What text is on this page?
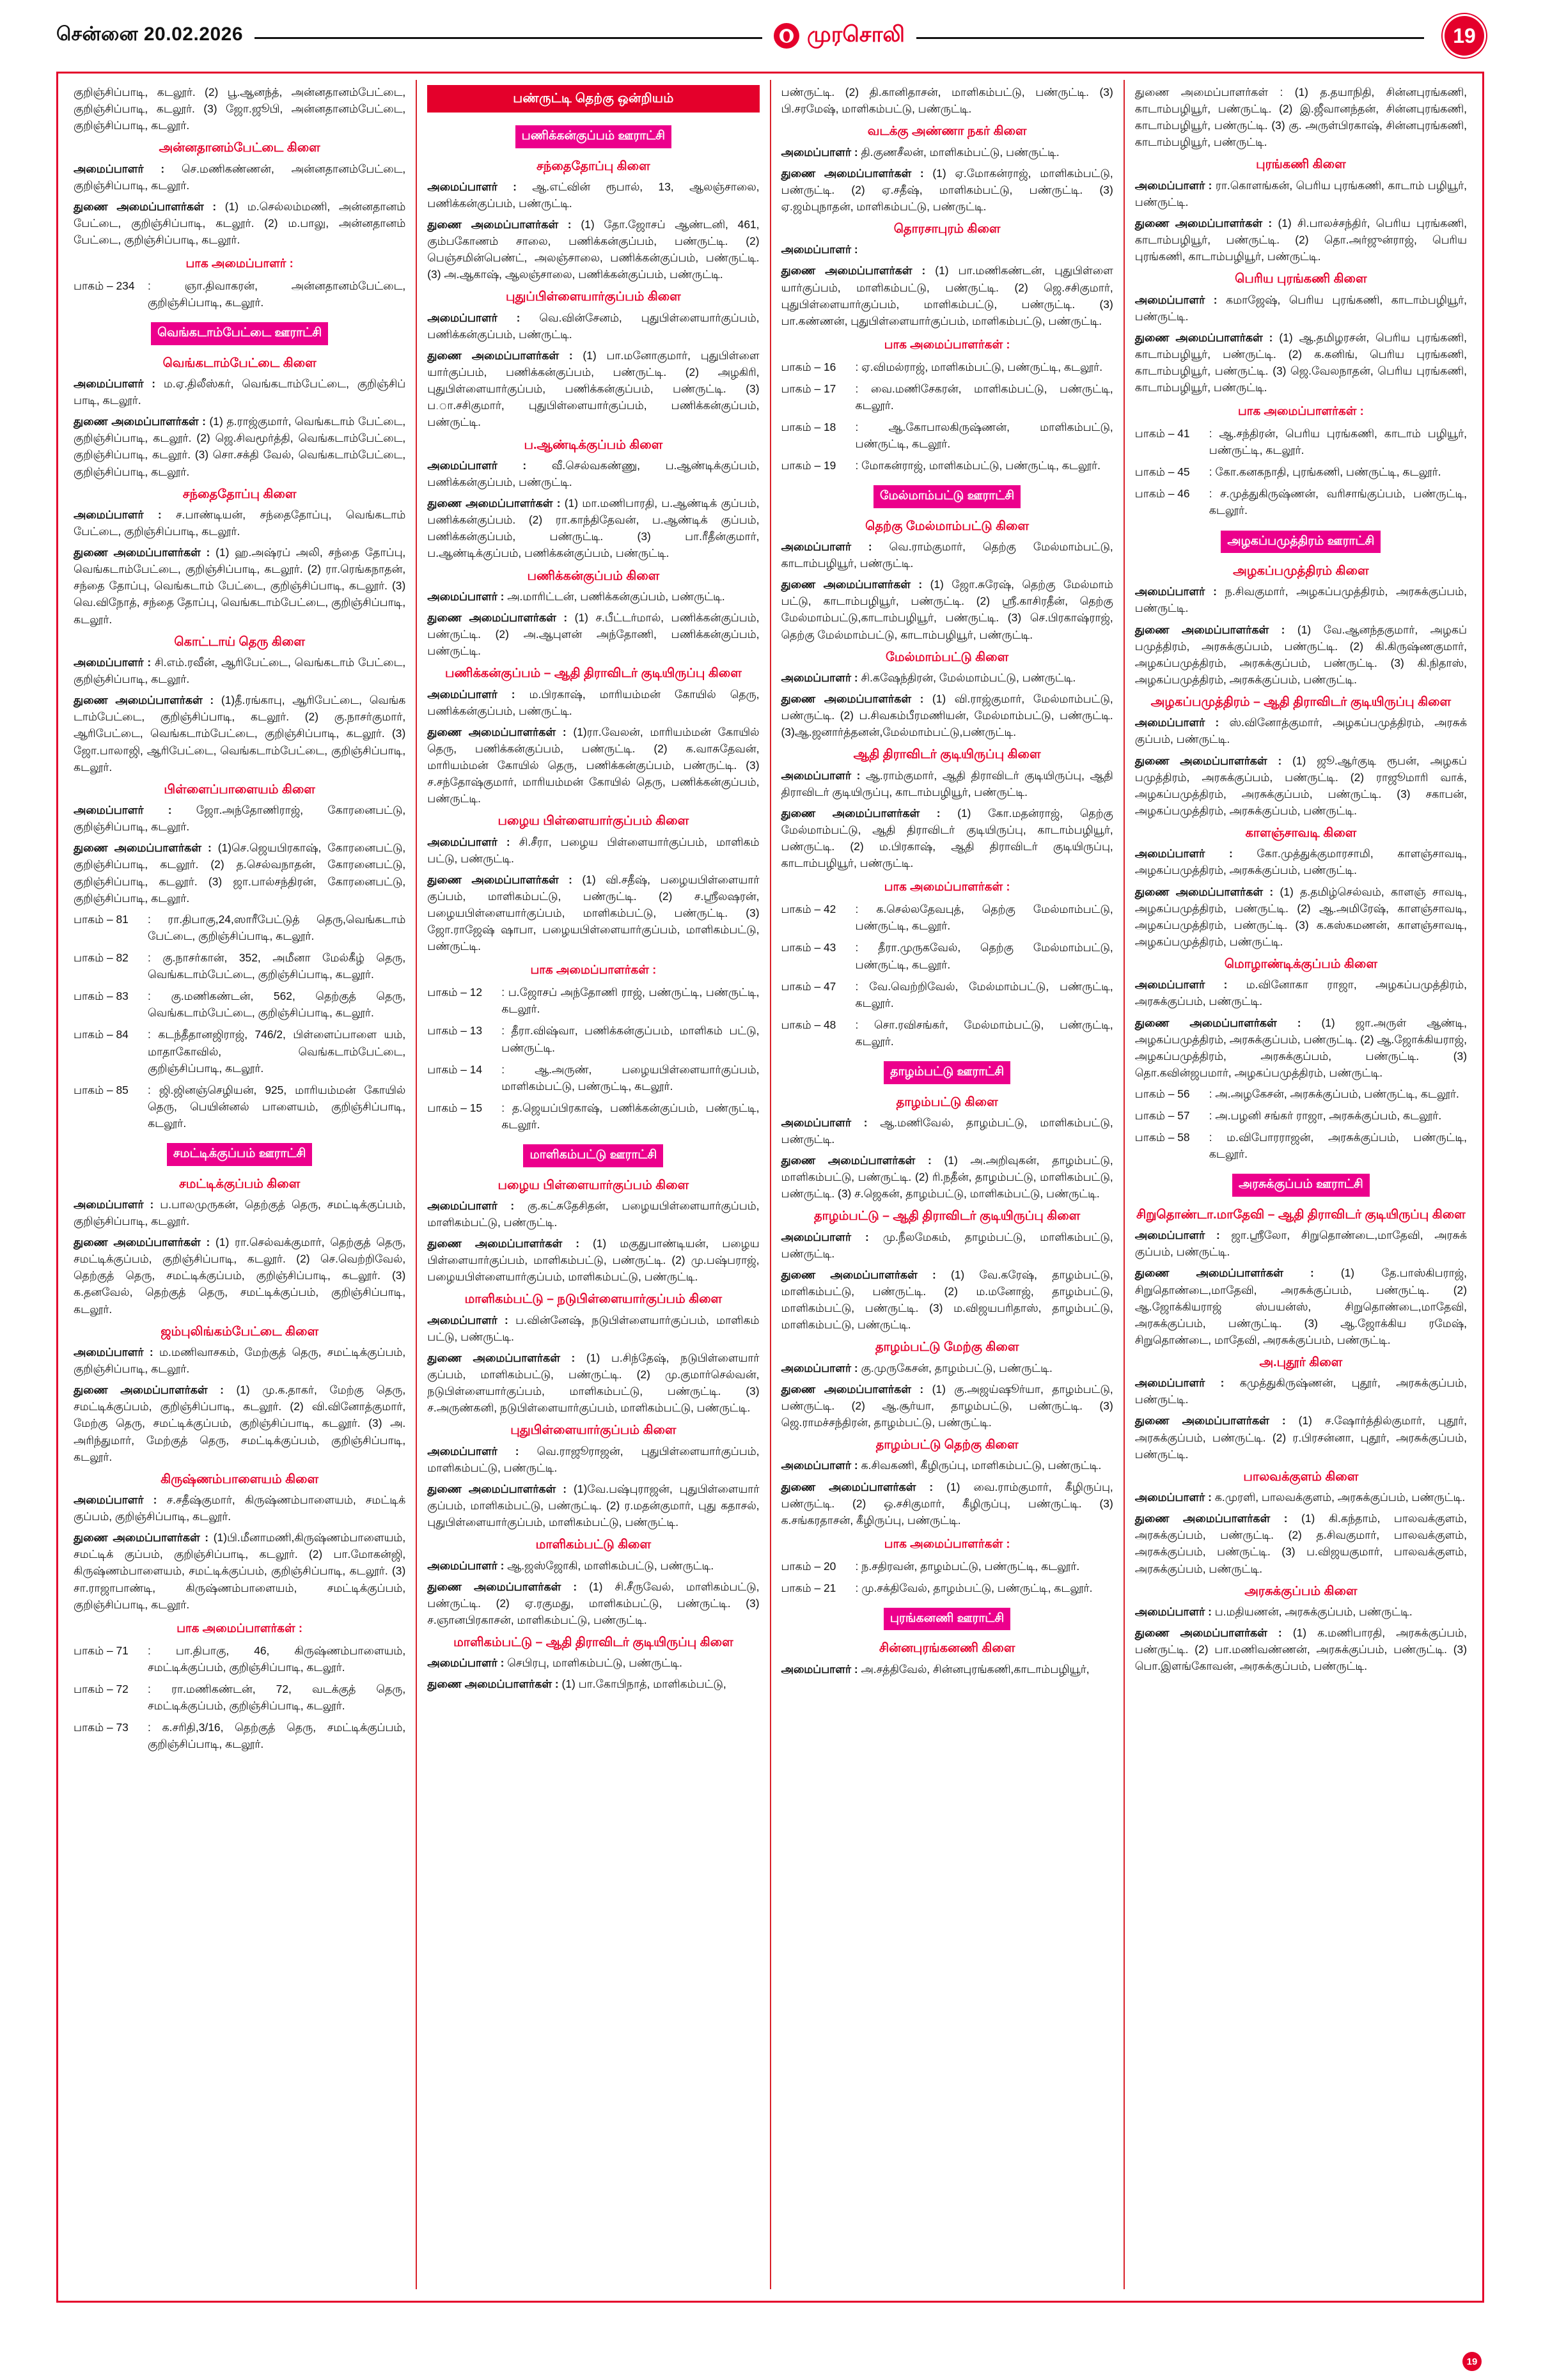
சென்னை 20.02.2026	முரசொலி	19

குறிஞ்சிப்பாடி, கடலூர். (2) பூ.ஆனந்த், அன்னதானம்பேட்டை, குறிஞ்சிப்பாடி, கடலூர். (3) ஜோ.ஜூபி, அன்னதானம்பேட்டை, குறிஞ்சிப்பாடி, கடலூர்.

அன்னதானம்பேட்டை கிளை

அமைப்பாளர் : செ.மணிகண்ணன், அன்னதானம்பேட்டை, குறிஞ்சிப்பாடி, கடலூர்.

துணை அமைப்பாளர்கள் : (1) ம.செல்லம்மணி, அன்னதானம் பேட்டை, குறிஞ்சிப்பாடி, கடலூர். (2) ம.பாலு, அன்னதானம் பேட்டை, குறிஞ்சிப்பாடி, கடலூர்.

பாக அமைப்பாளர் :
பாகம் – 234	: ஞா.திவாகரன், அன்னதானம்பேட்டை, குறிஞ்சிப்பாடி, கடலூர்.
வெங்கடாம்பேட்டை ஊராட்சி
வெங்கடாம்பேட்டை கிளை

அமைப்பாளர் : ம.ஏ.திலீஸ்கர், வெங்கடாம்பேட்டை, குறிஞ்சிப் பாடி, கடலூர்.

துணை அமைப்பாளர்கள் : (1) த.ராஜ்குமார், வெங்கடாம் பேட்டை, குறிஞ்சிப்பாடி, கடலூர். (2) ஜெ.சிவமூர்த்தி, வெங்கடாம்பேட்டை, குறிஞ்சிப்பாடி, கடலூர். (3) சொ.சக்தி வேல், வெங்கடாம்பேட்டை, குறிஞ்சிப்பாடி, கடலூர்.

சந்தைதோப்பு கிளை

அமைப்பாளர் : ச.பாண்டியன், சந்தைதோப்பு, வெங்கடாம் பேட்டை, குறிஞ்சிப்பாடி, கடலூர்.

துணை அமைப்பாளர்கள் : (1) ஹ.அஷ்ரப் அலி, சந்தை தோப்பு, வெங்கடாம்பேட்டை, குறிஞ்சிப்பாடி, கடலூர். (2) ரா.ரெங்கநாதன், சந்தை தோப்பு, வெங்கடாம் பேட்டை, குறிஞ்சிப்பாடி, கடலூர். (3) வெ.விநோத், சந்தை தோப்பு, வெங்கடாம்பேட்டை, குறிஞ்சிப்பாடி, கடலூர்.

கொட்டாய் தெரு கிளை

அமைப்பாளர் : சி.எம்.ரவீன், ஆரிபேட்டை, வெங்கடாம் பேட்டை, குறிஞ்சிப்பாடி, கடலூர்.

துணை அமைப்பாளர்கள் : (1)தீ.ரங்காபு, ஆரிபேட்டை, வெங்க டாம்பேட்டை, குறிஞ்சிப்பாடி, கடலூர். (2) கு.நாசர்குமார், ஆரிபேட்டை, வெங்கடாம்பேட்டை, குறிஞ்சிப்பாடி, கடலூர். (3) ஜோ.பாலாஜி, ஆரிபேட்டை, வெங்கடாம்பேட்டை, குறிஞ்சிப்பாடி, கடலூர்.

பிள்ளைப்பாளையம் கிளை

அமைப்பாளர் : ஜோ.அந்தோணிராஜ், கோரனைபட்டு, குறிஞ்சிப்பாடி, கடலூர்.

துணை அமைப்பாளர்கள் : (1)செ.ஜெயபிரகாஷ், கோரனைபட்டு, குறிஞ்சிப்பாடி, கடலூர். (2) த.செல்வநாதன், கோரனைபட்டு, குறிஞ்சிப்பாடி, கடலூர். (3) ஜா.பால்சந்திரன், கோரனைபட்டு, குறிஞ்சிப்பாடி, கடலூர்.

பாகம் – 81	: ரா.திபாகு,24,ஸாரீபேட்டுத் தெரு,வெங்கடாம் பேட்டை, குறிஞ்சிப்பாடி, கடலூர்.
பாகம் – 82	: கு.நாசர்கான், 352, அமீனா மேல்கீழ் தெரு, வெங்கடாம்பேட்டை, குறிஞ்சிப்பாடி, கடலூர்.
பாகம் – 83	: கு.மணிகண்டன், 562, தெற்குத் தெரு, வெங்கடாம்பேட்டை, குறிஞ்சிப்பாடி, கடலூர்.
பாகம் – 84	: கடந்தீதானஜிராஜ், 746/2, பிள்ளைப்பாளை யம், மாதாகோவில், வெங்கடாம்பேட்டை, குறிஞ்சிப்பாடி, கடலூர்.
பாகம் – 85	: ஜி.ஜினஞ்செழியன், 925, மாரியம்மன் கோயில் தெரு, பெயின்னல் பாளையம், குறிஞ்சிப்பாடி, கடலூர்.
சமட்டிக்குப்பம் ஊராட்சி
சமட்டிக்குப்பம் கிளை

அமைப்பாளர் : ப.பாலமுருகன், தெற்குத் தெரு, சமட்டிக்குப்பம், குறிஞ்சிப்பாடி, கடலூர்.

துணை அமைப்பாளர்கள் : (1) ரா.செல்வக்குமார், தெற்குத் தெரு, சமட்டிக்குப்பம், குறிஞ்சிப்பாடி, கடலூர். (2) செ.வெற்றிவேல், தெற்குத் தெரு, சமட்டிக்குப்பம், குறிஞ்சிப்பாடி, கடலூர். (3) க.தனவேல், தெற்குத் தெரு, சமட்டிக்குப்பம், குறிஞ்சிப்பாடி, கடலூர்.

ஜம்புலிங்கம்பேட்டை கிளை

அமைப்பாளர் : ம.மணிவாசகம், மேற்குத் தெரு, சமட்டிக்குப்பம், குறிஞ்சிப்பாடி, கடலூர்.

துணை அமைப்பாளர்கள் : (1) மு.க.தாகர், மேற்கு தெரு, சமட்டிக்குப்பம், குறிஞ்சிப்பாடி, கடலூர். (2) வி.வினோத்குமார், மேற்கு தெரு, சமட்டிக்குப்பம், குறிஞ்சிப்பாடி, கடலூர். (3) அ. அரிந்துமார், மேற்குத் தெரு, சமட்டிக்குப்பம், குறிஞ்சிப்பாடி, கடலூர்.

கிருஷ்ணம்பாளையம் கிளை

அமைப்பாளர் : ச.சதீஷ்குமார், கிருஷ்ணம்பாளையம், சமட்டிக் குப்பம், குறிஞ்சிப்பாடி, கடலூர்.

துணை அமைப்பாளர்கள் : (1)பி.மீனாமணி,கிருஷ்ணம்பாளையம், சமட்டிக் குப்பம், குறிஞ்சிப்பாடி, கடலூர். (2) பா.மோகன்ஜி, கிருஷ்ணம்பாளையம், சமட்டிக்குப்பம், குறிஞ்சிப்பாடி, கடலூர். (3) சா.ராஜாபாண்டி, கிருஷ்ணம்பாளையம், சமட்டிக்குப்பம், குறிஞ்சிப்பாடி, கடலூர்.

பாக அமைப்பாளர்கள் :
பாகம் – 71	: பா.திபாகு, 46, கிருஷ்ணம்பாளையம், சமட்டிக்குப்பம், குறிஞ்சிப்பாடி, கடலூர்.
பாகம் – 72	: ரா.மணிகண்டன், 72, வடக்குத் தெரு, சமட்டிக்குப்பம், குறிஞ்சிப்பாடி, கடலூர்.
பாகம் – 73	: க.சரிதி,3/16, தெற்குத் தெரு, சமட்டிக்குப்பம், குறிஞ்சிப்பாடி, கடலூர்.
பண்ருட்டி தெற்கு ஒன்றியம்
பணிக்கன்குப்பம் ஊராட்சி
சந்தைதோப்பு கிளை

அமைப்பாளர் : ஆ.எட்வின் ரூபால், 13, ஆலஞ்சாலை, பணிக்கன்குப்பம், பண்ருட்டி.

துணை அமைப்பாளர்கள் : (1) தோ.ஜோசப் ஆண்டனி, 461, கும்பகோணம் சாலை, பணிக்கன்குப்பம், பண்ருட்டி. (2) பெஞ்சமின்பெண்ட், அலஞ்சாலை, பணிக்கன்குப்பம், பண்ருட்டி. (3) அ.ஆகாஷ், ஆலஞ்சாலை, பணிக்கன்குப்பம், பண்ருட்டி.

புதுப்பிள்ளையார்குப்பம் கிளை

அமைப்பாளர் : வெ.வின்சேனம், புதுபிள்ளையார்குப்பம், பணிக்கன்குப்பம், பண்ருட்டி.

துணை அமைப்பாளர்கள் : (1) பா.மனோகுமார், புதுபிள்ளை யார்குப்பம், பணிக்கன்குப்பம், பண்ருட்டி. (2) அழகிரி, புதுபிள்ளையார்குப்பம், பணிக்கன்குப்பம், பண்ருட்டி. (3) ப.ா.சசிகுமார், புதுபிள்ளையார்குப்பம், பணிக்கன்குப்பம், பண்ருட்டி.

ப.ஆண்டிக்குப்பம் கிளை

அமைப்பாளர் : வீ.செல்வகண்ணு, ப.ஆண்டிக்குப்பம், பணிக்கன்குப்பம், பண்ருட்டி.

துணை அமைப்பாளர்கள் : (1) மா.மணிபாரதி, ப.ஆண்டிக் குப்பம், பணிக்கன்குப்பம். (2) ரா.காந்திதேவன், ப.ஆண்டிக் குப்பம், பணிக்கன்குப்பம், பண்ருட்டி. (3) பா.ரீதீன்குமார், ப.ஆண்டிக்குப்பம், பணிக்கன்குப்பம், பண்ருட்டி.

பணிக்கன்குப்பம் கிளை

அமைப்பாளர் : அ.மாரிட்டன், பணிக்கன்குப்பம், பண்ருட்டி.

துணை அமைப்பாளர்கள் : (1) ச.பீட்டர்மால், பணிக்கன்குப்பம், பண்ருட்டி. (2) அ.ஆபுளன் அந்தோணி, பணிக்கன்குப்பம், பண்ருட்டி.

பணிக்கன்குப்பம் – ஆதி திராவிடர் குடியிருப்பு கிளை

அமைப்பாளர் : ம.பிரகாஷ், மாரியம்மன் கோயில் தெரு, பணிக்கன்குப்பம், பண்ருட்டி.

துணை அமைப்பாளர்கள் : (1)ரா.வேலன், மாரியம்மன் கோயில் தெரு, பணிக்கன்குப்பம், பண்ருட்டி. (2) க.வாசுதேவன், மாரியம்மன் கோயில் தெரு, பணிக்கன்குப்பம், பண்ருட்டி. (3) ச.சந்தோஷ்குமார், மாரியம்மன் கோயில் தெரு, பணிக்கன்குப்பம், பண்ருட்டி.

பழைய பிள்ளையார்குப்பம் கிளை

அமைப்பாளர் : சி.சீரா, பழைய பிள்ளையார்குப்பம், மாளிகம் பட்டு, பண்ருட்டி.

துணை அமைப்பாளர்கள் : (1) வி.சதீஷ், பழையபிள்ளையார் குப்பம், மாளிகம்பட்டு, பண்ருட்டி. (2) ச.ஸ்ரீலஷரன், பழையபிள்ளையார்குப்பம், மாளிகம்பட்டு, பண்ருட்டி. (3) ஜோ.ராஜேஷ் ஷாபா, பழையபிள்ளையார்குப்பம், மாளிகம்பட்டு, பண்ருட்டி.

பாக அமைப்பாளர்கள் :
பாகம் – 12	: ப.ஜோசப் அந்தோணி ராஜ், பண்ருட்டி, பண்ருட்டி, கடலூர்.
பாகம் – 13	: தீரா.விஷ்வா, பணிக்கன்குப்பம், மாளிகம் பட்டு, பண்ருட்டி.
பாகம் – 14	: ஆ.அருண், பழையபிள்ளையார்குப்பம், மாளிகம்பட்டு, பண்ருட்டி, கடலூர்.
பாகம் – 15	: த.ஜெயப்பிரகாஷ், பணிக்கன்குப்பம், பண்ருட்டி, கடலூர்.
மாளிகம்பட்டு ஊராட்சி
பழைய பிள்ளையார்குப்பம் கிளை

அமைப்பாளர் : கு.கட்சுதேசிதன், பழையபிள்ளையார்குப்பம், மாளிகம்பட்டு, பண்ருட்டி.

துணை அமைப்பாளர்கள் : (1) மகுதுபாண்டியன், பழைய பிள்ளையார்குப்பம், மாளிகம்பட்டு, பண்ருட்டி. (2) மு.பஷ்பராஜ், பழையபிள்ளையார்குப்பம், மாளிகம்பட்டு, பண்ருட்டி.

மாளிகம்பட்டு – நடுபிள்ளையார்குப்பம் கிளை

அமைப்பாளர் : ப.வின்னேஷ், நடுபிள்ளையார்குப்பம், மாளிகம் பட்டு, பண்ருட்டி.

துணை அமைப்பாளர்கள் : (1) ப.சிந்தேஷ், நடுபிள்ளையார் குப்பம், மாளிகம்பட்டு, பண்ருட்டி. (2) மு.குமார்செல்வன், நடுபிள்ளையார்குப்பம், மாளிகம்பட்டு, பண்ருட்டி. (3) ச.அருண்கனி, நடுபிள்ளையார்குப்பம், மாளிகம்பட்டு, பண்ருட்டி.

புதுபிள்ளையார்குப்பம் கிளை

அமைப்பாளர் : வெ.ராஜூராஜன், புதுபிள்ளையார்குப்பம், மாளிகம்பட்டு, பண்ருட்டி.

துணை அமைப்பாளர்கள் : (1)வே.பஷ்புராஜன், புதுபிள்ளையார் குப்பம், மாளிகம்பட்டு, பண்ருட்டி. (2) ர.மதன்குமார், புது கதாசல், புதுபிள்ளையார்குப்பம், மாளிகம்பட்டு, பண்ருட்டி.

மாளிகம்பட்டு கிளை

அமைப்பாளர் : ஆ.ஜஸ்ஜோகி, மாளிகம்பட்டு, பண்ருட்டி.

துணை அமைப்பாளர்கள் : (1) சி.சீருவேல், மாளிகம்பட்டு, பண்ருட்டி. (2) ஏ.ரகுமது, மாளிகம்பட்டு, பண்ருட்டி. (3) ச.ஞானபிரகாசன், மாளிகம்பட்டு, பண்ருட்டி.

மாளிகம்பட்டு – ஆதி திராவிடர் குடியிருப்பு கிளை

அமைப்பாளர் : செபிரபு, மாளிகம்பட்டு, பண்ருட்டி.

துணை அமைப்பாளர்கள் : (1) பா.கோபிநாத், மாளிகம்பட்டு,

பண்ருட்டி. (2) தி.கானிதாசன், மாளிகம்பட்டு, பண்ருட்டி. (3) பி.சரமேஷ், மாளிகம்பட்டு, பண்ருட்டி.

வடக்கு அண்ணா நகர் கிளை

அமைப்பாளர் : தி.குணசீலன், மாளிகம்பட்டு, பண்ருட்டி.

துணை அமைப்பாளர்கள் : (1) ஏ.மோகன்ராஜ், மாளிகம்பட்டு, பண்ருட்டி. (2) ஏ.சதீஷ், மாளிகம்பட்டு, பண்ருட்டி. (3) ஏ.ஜம்புநாதன், மாளிகம்பட்டு, பண்ருட்டி.

தொரசாபுரம் கிளை

அமைப்பாளர் :

துணை அமைப்பாளர்கள் : (1) பா.மணிகண்டன், புதுபிள்ளை யார்குப்பம், மாளிகம்பட்டு, பண்ருட்டி. (2) ஜெ.சசிகுமார், புதுபிள்ளையார்குப்பம், மாளிகம்பட்டு, பண்ருட்டி. (3) பா.கண்ணன், புதுபிள்ளையார்குப்பம், மாளிகம்பட்டு, பண்ருட்டி.

பாக அமைப்பாளர்கள் :
பாகம் – 16	: ஏ.விமல்ராஜ், மாளிகம்பட்டு, பண்ருட்டி, கடலூர்.
பாகம் – 17	: வை.மணிசேகரன், மாளிகம்பட்டு, பண்ருட்டி, கடலூர்.
பாகம் – 18	: ஆ.கோபாலகிருஷ்ணன், மாளிகம்பட்டு, பண்ருட்டி, கடலூர்.
பாகம் – 19	: மோகன்ராஜ், மாளிகம்பட்டு, பண்ருட்டி, கடலூர்.
மேல்மாம்பட்டு ஊராட்சி
தெற்கு மேல்மாம்பட்டு கிளை

அமைப்பாளர் : வெ.ராம்குமார், தெற்கு மேல்மாம்பட்டு, காடாம்பழியூர், பண்ருட்டி.

துணை அமைப்பாளர்கள் : (1) ஜோ.சுரேஷ், தெற்கு மேல்மாம் பட்டு, காடாம்பழியூர், பண்ருட்டி. (2) ஸ்ரீ.காசிரதீன், தெற்கு மேல்மாம்பட்டு,காடாம்பழியூர், பண்ருட்டி. (3) செ.பிரகாஷ்ராஜ், தெற்கு மேல்மாம்பட்டு, காடாம்பழியூர், பண்ருட்டி.

மேல்மாம்பட்டு கிளை

அமைப்பாளர் : சி.கஷேந்திரன், மேல்மாம்பட்டு, பண்ருட்டி.

துணை அமைப்பாளர்கள் : (1) வி.ராஜ்குமார், மேல்மாம்பட்டு, பண்ருட்டி. (2) ப.சிவகம்பீரமணியன், மேல்மாம்பட்டு, பண்ருட்டி. (3)ஆ.ஜனார்த்தனன்,மேல்மாம்பட்டு,பண்ருட்டி.

ஆதி திராவிடர் குடியிருப்பு கிளை

அமைப்பாளர் : ஆ.ராம்குமார், ஆதி திராவிடர் குடியிருப்பு, ஆதி திராவிடர் குடியிருப்பு, காடாம்பழியூர், பண்ருட்டி.

துணை அமைப்பாளர்கள் : (1) கோ.மதன்ராஜ், தெற்கு மேல்மாம்பட்டு, ஆதி திராவிடர் குடியிருப்பு, காடாம்பழியூர், பண்ருட்டி. (2) ம.பிரகாஷ், ஆதி திராவிடர் குடியிருப்பு, காடாம்பழியூர், பண்ருட்டி.

பாக அமைப்பாளர்கள் :
பாகம் – 42	: க.செல்லதேவபுத், தெற்கு மேல்மாம்பட்டு, பண்ருட்டி, கடலூர்.
பாகம் – 43	: தீரா.முருகவேல், தெற்கு மேல்மாம்பட்டு, பண்ருட்டி, கடலூர்.
பாகம் – 47	: வே.வெற்றிவேல், மேல்மாம்பட்டு, பண்ருட்டி, கடலூர்.
பாகம் – 48	: சொ.ரவிசங்கர், மேல்மாம்பட்டு, பண்ருட்டி, கடலூர்.
தாழம்பட்டு ஊராட்சி
தாழம்பட்டு கிளை

அமைப்பாளர் : ஆ.மணிவேல், தாழம்பட்டு, மாளிகம்பட்டு, பண்ருட்டி.

துணை அமைப்பாளர்கள் : (1) அ.அறிவுகன், தாழம்பட்டு, மாளிகம்பட்டு, பண்ருட்டி. (2) ரி.நதீன், தாழம்பட்டு, மாளிகம்பட்டு, பண்ருட்டி. (3) ச.ஜெகன், தாழம்பட்டு, மாளிகம்பட்டு, பண்ருட்டி.

தாழம்பட்டு – ஆதி திராவிடர் குடியிருப்பு கிளை

அமைப்பாளர் : மு.நீலமேகம், தாழம்பட்டு, மாளிகம்பட்டு, பண்ருட்டி.

துணை அமைப்பாளர்கள் : (1) வே.கரேஷ், தாழம்பட்டு, மாளிகம்பட்டு, பண்ருட்டி. (2) ம.மனோஜ், தாழம்பட்டு, மாளிகம்பட்டு, பண்ருட்டி. (3) ம.விஜயபரிதாஸ், தாழம்பட்டு, மாளிகம்பட்டு, பண்ருட்டி.

தாழம்பட்டு மேற்கு கிளை

அமைப்பாளர் : கு.முருகேசன், தாழம்பட்டு, பண்ருட்டி.

துணை அமைப்பாளர்கள் : (1) கு.அஜய்ஷூர்யா, தாழம்பட்டு, பண்ருட்டி. (2) ஆ.சூர்யா, தாழம்பட்டு, பண்ருட்டி. (3) ஜெ.ராமச்சந்திரன், தாழம்பட்டு, பண்ருட்டி.

தாழம்பட்டு தெற்கு கிளை

அமைப்பாளர் : க.சிவகணி, கீழிருப்பு, மாளிகம்பட்டு, பண்ருட்டி.

துணை அமைப்பாளர்கள் : (1) வை.ராம்குமார், கீழிருப்பு, பண்ருட்டி. (2) ஒ.சசிகுமார், கீழிருப்பு, பண்ருட்டி. (3) க.சங்கரதாசன், கீழிருப்பு, பண்ருட்டி.

பாக அமைப்பாளர்கள் :
பாகம் – 20	: ந.சதிரவன், தாழம்பட்டு, பண்ருட்டி, கடலூர்.
பாகம் – 21	: மு.சக்திவேல், தாழம்பட்டு, பண்ருட்டி, கடலூர்.
புரங்கனணி ஊராட்சி
சின்னபுரங்கனணி கிளை

அமைப்பாளர் : அ.சத்திவேல், சின்னபுரங்கணி,காடாம்பழியூர்,

துணை அமைப்பாளர்கள் : (1) த.தயாநிதி, சின்னபுரங்கணி, காடாம்பழியூர், பண்ருட்டி. (2) இ.ஜீவானந்தன், சின்னபுரங்கணி, காடாம்பழியூர், பண்ருட்டி. (3) கு. அருள்பிரகாஷ், சின்னபுரங்கணி, காடாம்பழியூர், பண்ருட்டி.

புரங்கணி கிளை

அமைப்பாளர் : ரா.கொளங்கன், பெரிய புரங்கணி, காடாம் பழியூர், பண்ருட்டி.

துணை அமைப்பாளர்கள் : (1) சி.பாலச்சந்திர், பெரிய புரங்கணி, காடாம்பழியூர், பண்ருட்டி. (2) தொ.அர்ஜுன்ராஜ், பெரிய புரங்கணி, காடாம்பழியூர், பண்ருட்டி.

பெரிய புரங்கணி கிளை

அமைப்பாளர் : கமாஜேஷ், பெரிய புரங்கணி, காடாம்பழியூர், பண்ருட்டி.

துணை அமைப்பாளர்கள் : (1) ஆ.தமிழரசன், பெரிய புரங்கணி, காடாம்பழியூர், பண்ருட்டி. (2) க.கனிங், பெரிய புரங்கணி, காடாம்பழியூர், பண்ருட்டி. (3) ஜெ.வேலநாதன், பெரிய புரங்கணி, காடாம்பழியூர், பண்ருட்டி.

பாக அமைப்பாளர்கள் :
பாகம் – 41	: ஆ.சந்திரன், பெரிய புரங்கணி, காடாம் பழியூர், பண்ருட்டி, கடலூர்.
பாகம் – 45	: கோ.கனகநாதி, புரங்கணி, பண்ருட்டி, கடலூர்.
பாகம் – 46	: ச.முத்துகிருஷ்ணன், வரிசாங்குப்பம், பண்ருட்டி, கடலூர்.
அழகப்பமுத்திரம் ஊராட்சி
அழகப்பமுத்திரம் கிளை

அமைப்பாளர் : ந.சிவகுமார், அழகப்பமுத்திரம், அரசுக்குப்பம், பண்ருட்டி.

துணை அமைப்பாளர்கள் : (1) வே.ஆனந்தகுமார், அழகப் பமுத்திரம், அரசுக்குப்பம், பண்ருட்டி. (2) கி.கிருஷ்ணகுமார், அழகப்பமுத்திரம், அரசுக்குப்பம், பண்ருட்டி. (3) கி.நிதாஸ், அழகப்பமுத்திரம், அரசுக்குப்பம், பண்ருட்டி.

அழகப்பமுத்திரம் – ஆதி திராவிடர் குடியிருப்பு கிளை

அமைப்பாளர் : ஸ்.வினோத்குமார், அழகப்பமுத்திரம், அரசுக் குப்பம், பண்ருட்டி.

துணை அமைப்பாளர்கள் : (1) ஜூ.ஆர்குடி ரூபன், அழகப் பமுத்திரம், அரசுக்குப்பம், பண்ருட்டி. (2) ராஜூமாரி வாக், அழகப்பமுத்திரம், அரசுக்குப்பம், பண்ருட்டி. (3) சகாபன், அழகப்பமுத்திரம், அரசுக்குப்பம், பண்ருட்டி.

காளஞ்சாவடி கிளை

அமைப்பாளர் : கோ.முத்துக்குமாரசாமி, காளஞ்சாவடி, அழகப்பமுத்திரம், அரசுக்குப்பம், பண்ருட்டி.

துணை அமைப்பாளர்கள் : (1) த.தமிழ்செல்வம், காளஞ் சாவடி, அழகப்பமுத்திரம், பண்ருட்டி. (2) ஆ.அமிரேஷ், காளஞ்சாவடி, அழகப்பமுத்திரம், பண்ருட்டி. (3) க.கஸ்கமணன், காளஞ்சாவடி, அழகப்பமுத்திரம், பண்ருட்டி.

மொழாண்டிக்குப்பம் கிளை

அமைப்பாளர் : ம.வினோகா ராஜா, அழகப்பமுத்திரம், அரசுக்குப்பம், பண்ருட்டி.

துணை அமைப்பாளர்கள் : (1) ஜா.அருள் ஆண்டி, அழகப்பமுத்திரம், அரசுக்குப்பம், பண்ருட்டி. (2) ஆ.ஜோக்கியராஜ், அழகப்பமுத்திரம், அரசுக்குப்பம், பண்ருட்டி. (3) தொ.கவின்ஜபமார், அழகப்பமுத்திரம், பண்ருட்டி.

பாகம் – 56	: அ.அழகேசன், அரசுக்குப்பம், பண்ருட்டி, கடலூர்.
பாகம் – 57	: அ.பழனி சங்கர் ராஜா, அரசுக்குப்பம், கடலூர்.
பாகம் – 58	: ம.விபோரராஜன், அரசுக்குப்பம், பண்ருட்டி, கடலூர்.
அரசுக்குப்பம் ஊராட்சி
சிறுதொண்டா.மாதேவி – ஆதி திராவிடர் குடியிருப்பு கிளை

அமைப்பாளர் : ஜா.ஸ்ரீலோ, சிறுதொண்டை,மாதேவி, அரசுக் குப்பம், பண்ருட்டி.

துணை அமைப்பாளர்கள் : (1) தே.பாஸ்கிபராஜ், சிறுதொண்டை,மாதேவி, அரசுக்குப்பம், பண்ருட்டி. (2) ஆ.ஜோக்கியராஜ் ஸ்பயன்ஸ், சிறுதொண்டை,மாதேவி, அரசுக்குப்பம், பண்ருட்டி. (3) ஆ.ஜோக்கிய ரமேஷ், சிறுதொண்டை, மாதேவி, அரசுக்குப்பம், பண்ருட்டி.

அ.புதூர் கிளை

அமைப்பாளர் : கமுத்துகிருஷ்ணன், புதூர், அரசுக்குப்பம், பண்ருட்டி.

துணை அமைப்பாளர்கள் : (1) ச.ஷோர்த்தில்குமார், புதூர், அரசுக்குப்பம், பண்ருட்டி. (2) ர.பிரசன்னா, புதூர், அரசுக்குப்பம், பண்ருட்டி.

பாலவக்குளம் கிளை

அமைப்பாளர் : க.முரளி, பாலவக்குளம், அரசுக்குப்பம், பண்ருட்டி.

துணை அமைப்பாளர்கள் : (1) கி.கந்தாம், பாலவக்குளம், அரசுக்குப்பம், பண்ருட்டி. (2) த.சிவகுமார், பாலவக்குளம், அரசுக்குப்பம், பண்ருட்டி. (3) ப.விஜயகுமார், பாலவக்குளம், அரசுக்குப்பம், பண்ருட்டி.

அரசுக்குப்பம் கிளை

அமைப்பாளர் : ப.மதியணன், அரசுக்குப்பம், பண்ருட்டி.

துணை அமைப்பாளர்கள் : (1) க.மணிபாரதி, அரசுக்குப்பம், பண்ருட்டி. (2) பா.மணிவண்ணன், அரசுக்குப்பம், பண்ருட்டி. (3) பொ.இளங்கோவன், அரசுக்குப்பம், பண்ருட்டி.

19
